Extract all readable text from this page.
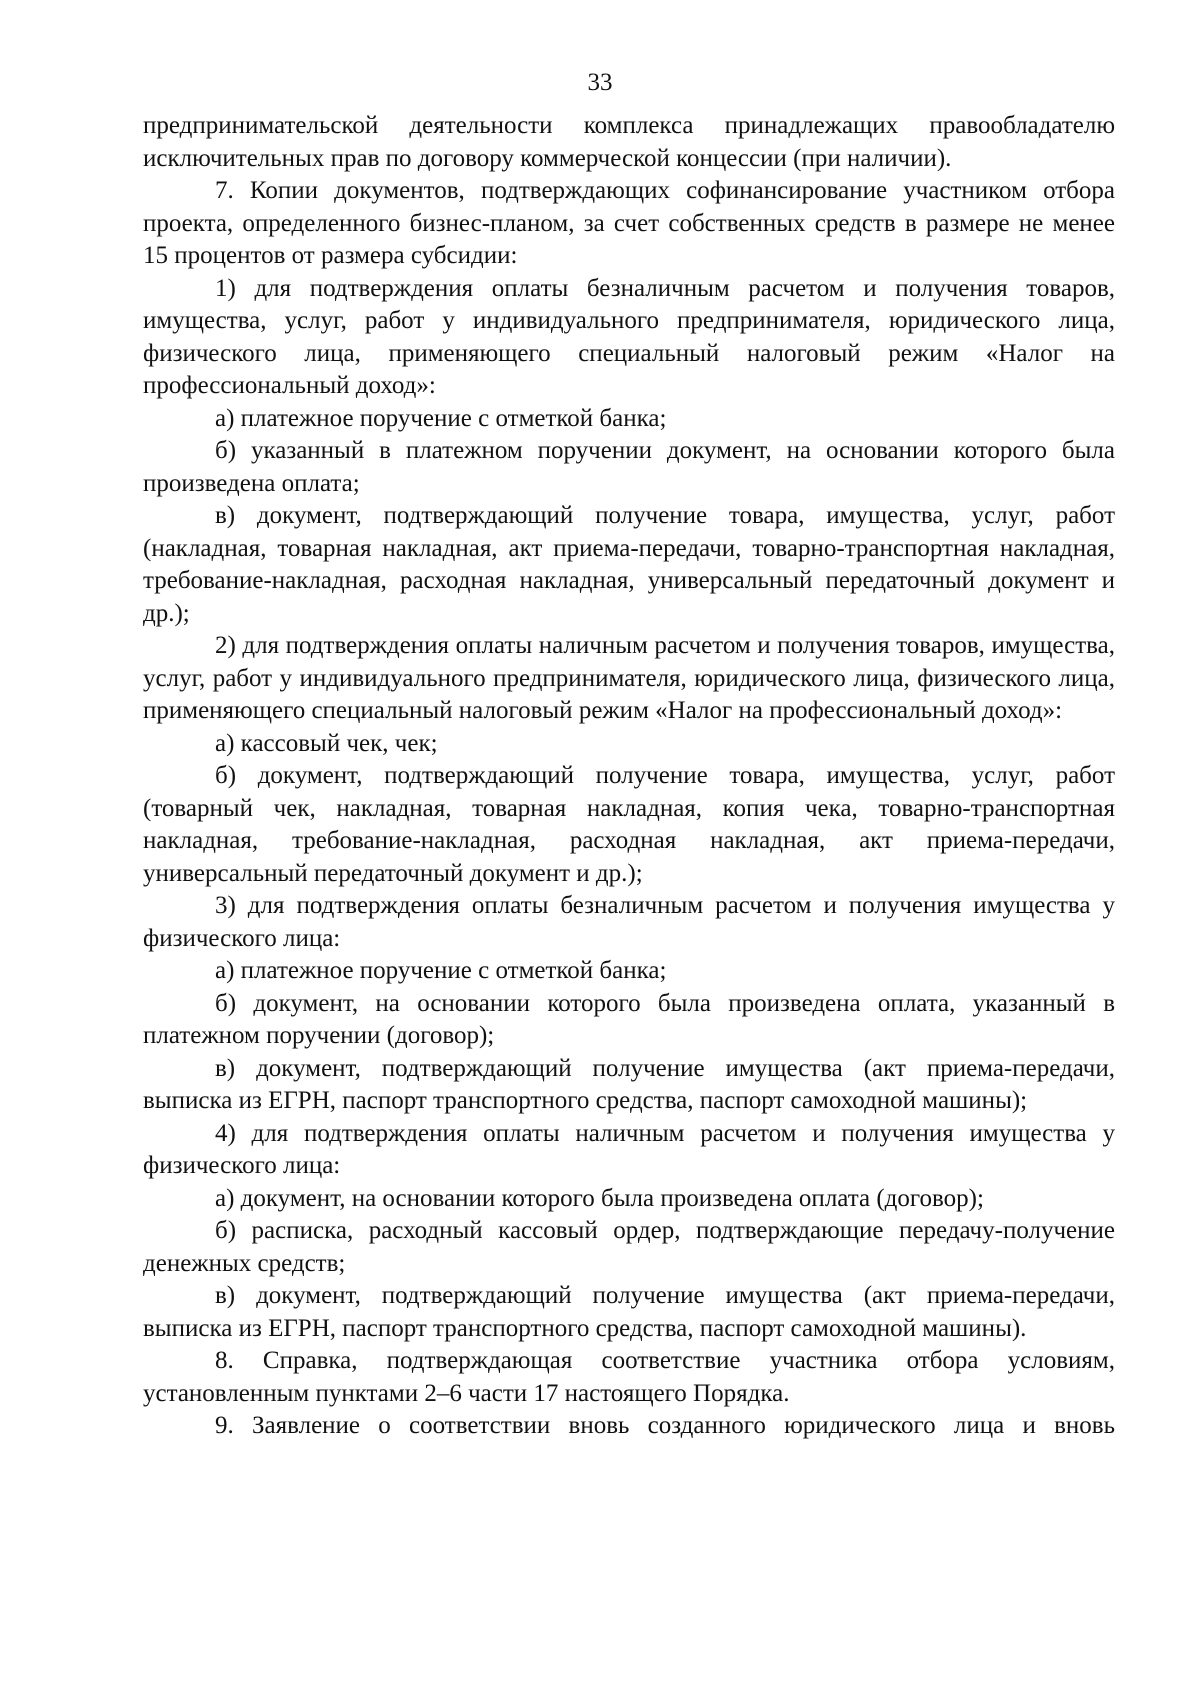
33

предпринимательской деятельности комплекса принадлежащих правообладателю исключительных прав по договору коммерческой концессии (при наличии).

7. Копии документов, подтверждающих софинансирование участником отбора проекта, определенного бизнес-планом, за счет собственных средств в размере не менее 15 процентов от размера субсидии:

1) для подтверждения оплаты безналичным расчетом и получения товаров, имущества, услуг, работ у индивидуального предпринимателя, юридического лица, физического лица, применяющего специальный налоговый режим «Налог на профессиональный доход»:

а) платежное поручение с отметкой банка;

б) указанный в платежном поручении документ, на основании которого была произведена оплата;

в) документ, подтверждающий получение товара, имущества, услуг, работ (накладная, товарная накладная, акт приема-передачи, товарно-транспортная накладная, требование-накладная, расходная накладная, универсальный передаточный документ и др.);

2) для подтверждения оплаты наличным расчетом и получения товаров, имущества, услуг, работ у индивидуального предпринимателя, юридического лица, физического лица, применяющего специальный налоговый режим «Налог на профессиональный доход»:

а) кассовый чек, чек;

б) документ, подтверждающий получение товара, имущества, услуг, работ (товарный чек, накладная, товарная накладная, копия чека, товарно-транспортная накладная, требование-накладная, расходная накладная, акт приема-передачи, универсальный передаточный документ и др.);

3) для подтверждения оплаты безналичным расчетом и получения имущества у физического лица:

а) платежное поручение с отметкой банка;

б) документ, на основании которого была произведена оплата, указанный в платежном поручении (договор);

в) документ, подтверждающий получение имущества (акт приема-передачи, выписка из ЕГРН, паспорт транспортного средства, паспорт самоходной машины);

4) для подтверждения оплаты наличным расчетом и получения имущества у физического лица:

а) документ, на основании которого была произведена оплата (договор);

б) расписка, расходный кассовый ордер, подтверждающие передачу-получение денежных средств;

в) документ, подтверждающий получение имущества (акт приема-передачи, выписка из ЕГРН, паспорт транспортного средства, паспорт самоходной машины).

8. Справка, подтверждающая соответствие участника отбора условиям, установленным пунктами 2–6 части 17 настоящего Порядка.

9. Заявление о соответствии вновь созданного юридического лица и вновь
